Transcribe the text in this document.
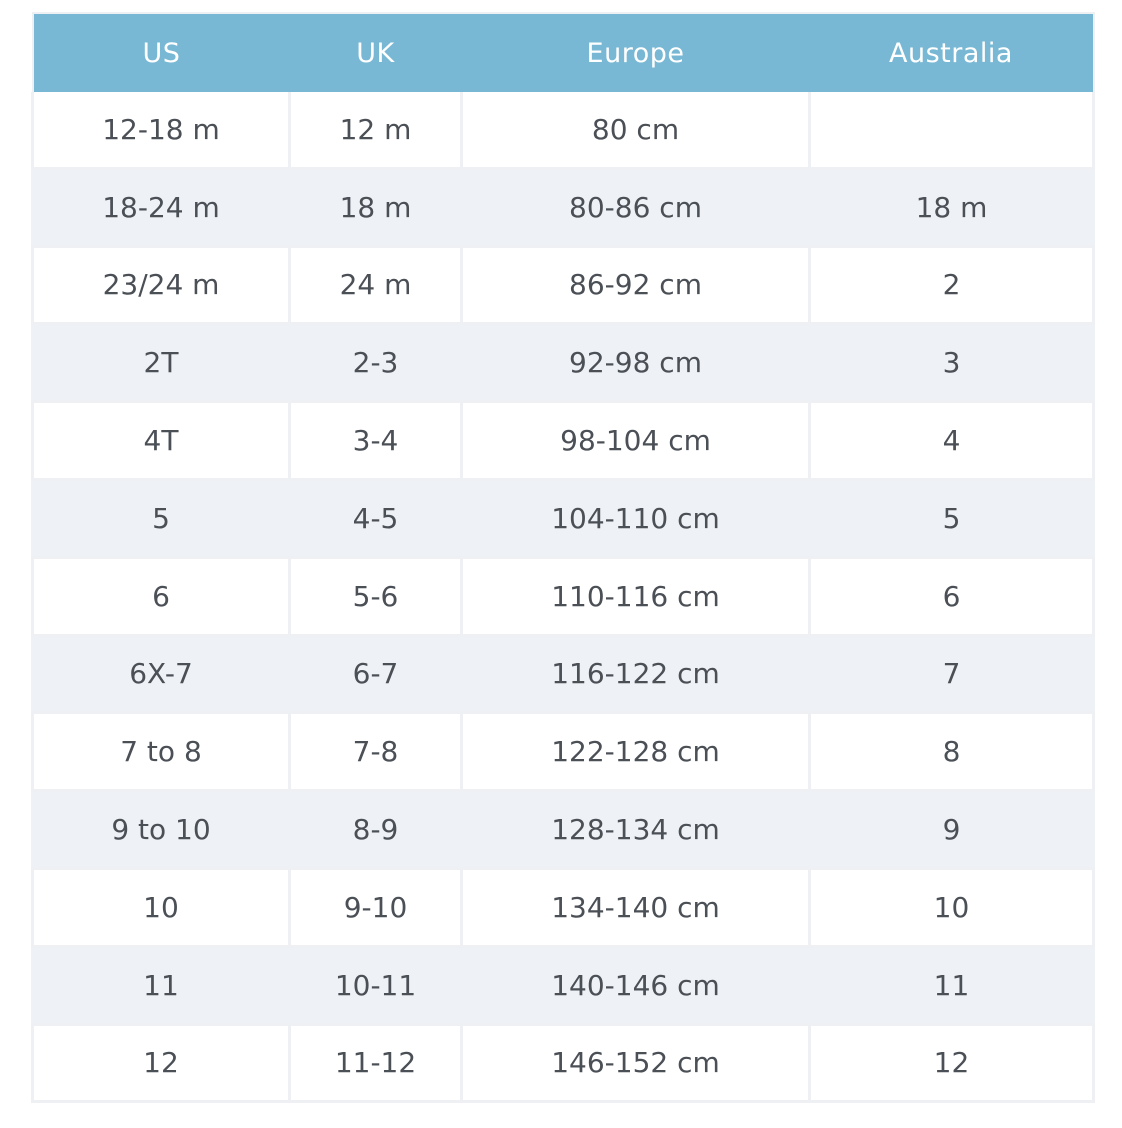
US	UK	Europe	Australia
12-18 m	12 m	80 cm	
18-24 m	18 m	80-86 cm	18 m
23/24 m	24 m	86-92 cm	2
2T	2-3	92-98 cm	3
4T	3-4	98-104 cm	4
5	4-5	104-110 cm	5
6	5-6	110-116 cm	6
6X-7	6-7	116-122 cm	7
7 to 8	7-8	122-128 cm	8
9 to 10	8-9	128-134 cm	9
10	9-10	134-140 cm	10
11	10-11	140-146 cm	11
12	11-12	146-152 cm	12
